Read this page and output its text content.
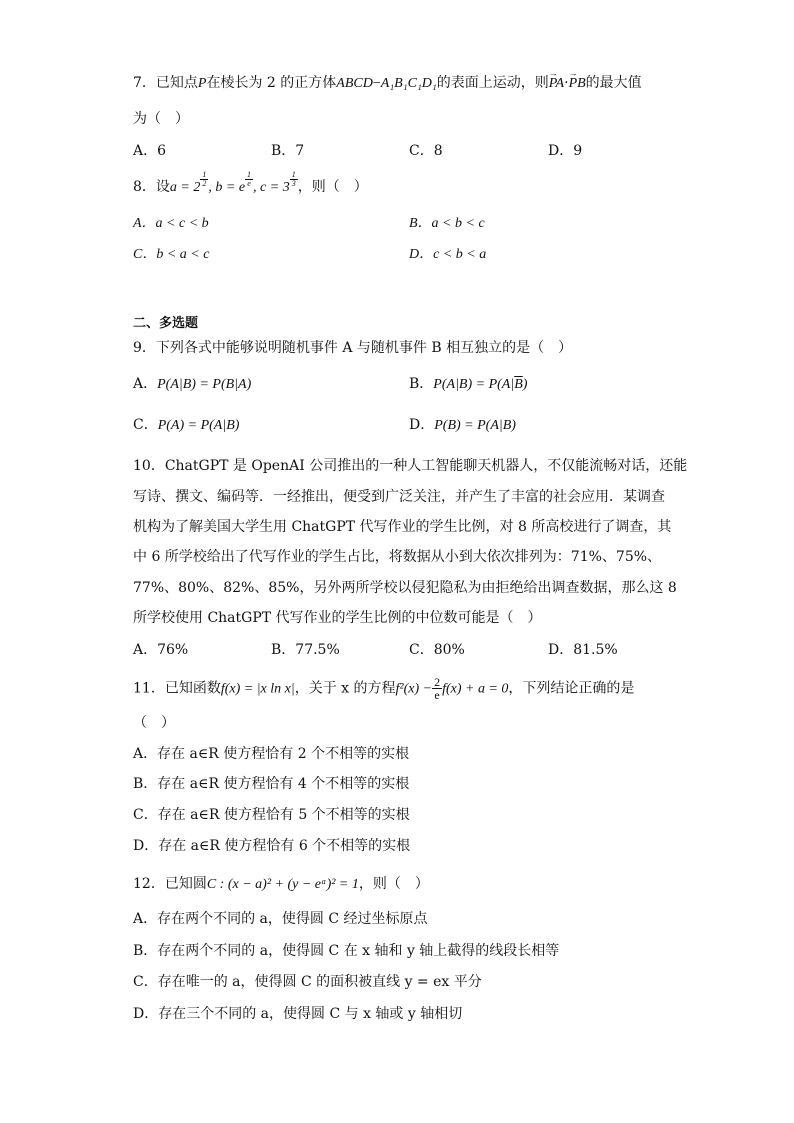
7．已知点P在棱长为 2 的正方体ABCD−A₁B₁C₁D₁的表面上运动，则
→
PA·
→
PB的最大值
为（　）
A．6	B．7	C．8	D．9
8．设a = 2 $^{\frac{1}{2}}$ , b = e $^{\frac{1}{e}}$ , c = 3 $^{\frac{1}{3}}$ ，则（　）
A．a < c < b	B．a < b < c
C．b < a < c	D．c < b < a
二、多选题
9．下列各式中能够说明随机事件 A 与随机事件 B 相互独立的是（　）
A．P(A|B) = P(B|A)	B．$P(A|B) = P(A|\overline{B})$
C．P(A) = P(A|B)	D．P(B) = P(A|B)
10．ChatGPT 是 OpenAI 公司推出的一种人工智能聊天机器人，不仅能流畅对话，还能
写诗、撰文、编码等．一经推出，便受到广泛关注，并产生了丰富的社会应用．某调查
机构为了解美国大学生用 ChatGPT 代写作业的学生比例，对 8 所高校进行了调查，其
中 6 所学校给出了代写作业的学生占比，将数据从小到大依次排列为：71%、75%、
77%、80%、82%、85%，另外两所学校以侵犯隐私为由拒绝给出调查数据，那么这 8
所学校使用 ChatGPT 代写作业的学生比例的中位数可能是（　）
A．76%	B．77.5%	C．80%	D．81.5%
11．已知函数f(x) = |x ln x|，关于 x 的方程$f^2(x) - \frac{2}{e} f(x) + a = 0$，下列结论正确的是
（　）
A．存在 a∈R 使方程恰有 2 个不相等的实根
B．存在 a∈R 使方程恰有 4 个不相等的实根
C．存在 a∈R 使方程恰有 5 个不相等的实根
D．存在 a∈R 使方程恰有 6 个不相等的实根
12．已知圆C : (x − a)² + (y − eᵃ)² = 1，则（　）
A．存在两个不同的 a，使得圆 C 经过坐标原点
B．存在两个不同的 a，使得圆 C 在 x 轴和 y 轴上截得的线段长相等
C．存在唯一的 a，使得圆 C 的面积被直线 y = ex 平分
D．存在三个不同的 a，使得圆 C 与 x 轴或 y 轴相切
